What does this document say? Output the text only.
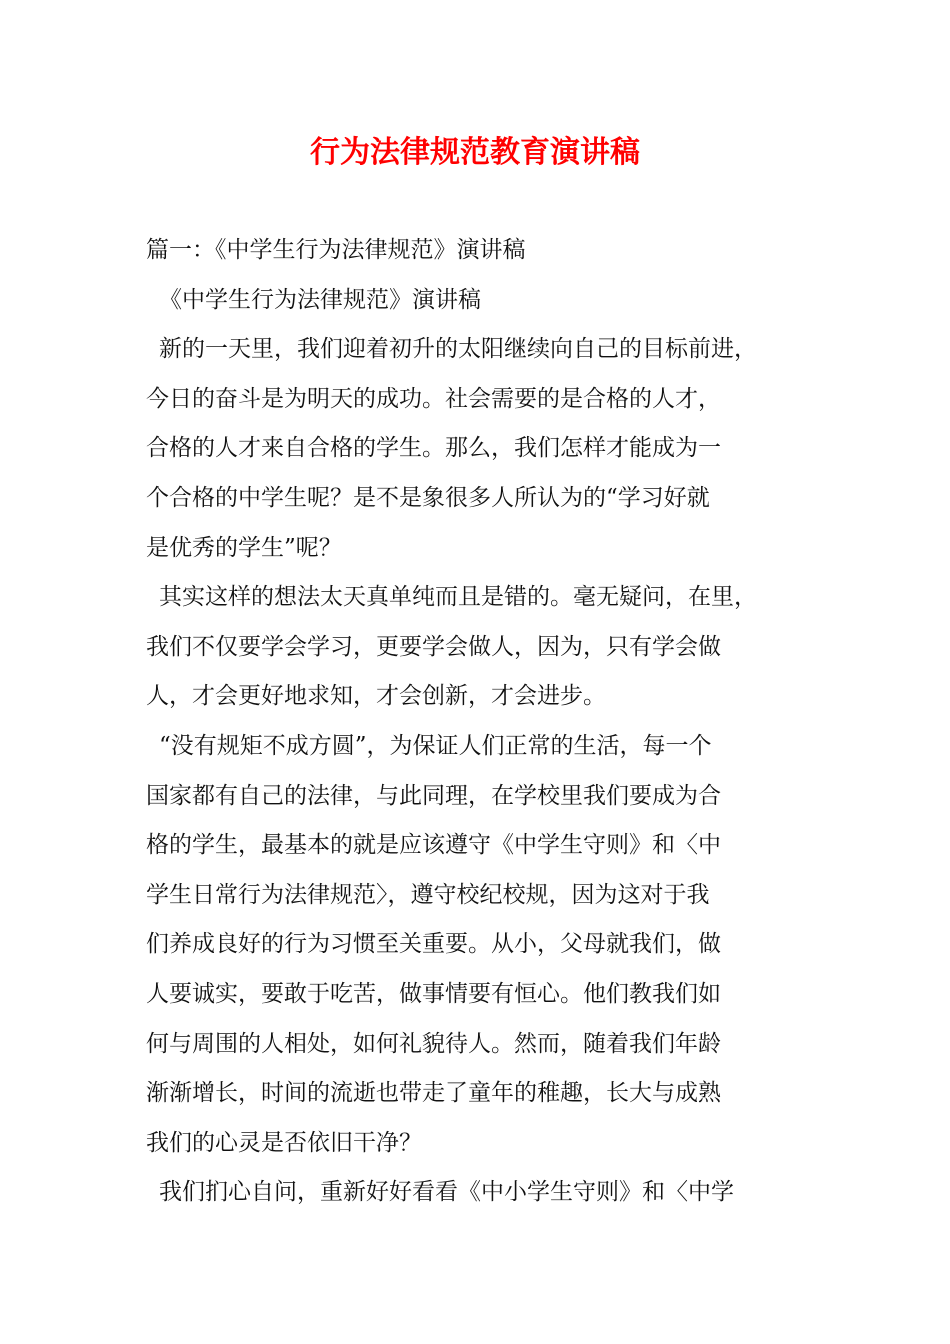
行为法律规范教育演讲稿
篇一：《中学生行为法律规范》演讲稿
《中学生行为法律规范》演讲稿
新的一天里，我们迎着初升的太阳继续向自己的目标前进，
今日的奋斗是为明天的成功。社会需要的是合格的人才，
合格的人才来自合格的学生。那么，我们怎样才能成为一
个合格的中学生呢？是不是象很多人所认为的“学习好就
是优秀的学生”呢？
其实这样的想法太天真单纯而且是错的。毫无疑问，在里，
我们不仅要学会学习，更要学会做人，因为，只有学会做
人，才会更好地求知，才会创新，才会进步。
“没有规矩不成方圆”，为保证人们正常的生活，每一个
国家都有自己的法律，与此同理，在学校里我们要成为合
格的学生，最基本的就是应该遵守《中学生守则》和〈中
学生日常行为法律规范〉，遵守校纪校规，因为这对于我
们养成良好的行为习惯至关重要。从小，父母就我们，做
人要诚实，要敢于吃苦，做事情要有恒心。他们教我们如
何与周围的人相处，如何礼貌待人。然而，随着我们年龄
渐渐增长，时间的流逝也带走了童年的稚趣，长大与成熟
我们的心灵是否依旧干净？
我们扪心自问，重新好好看看《中小学生守则》和〈中学
